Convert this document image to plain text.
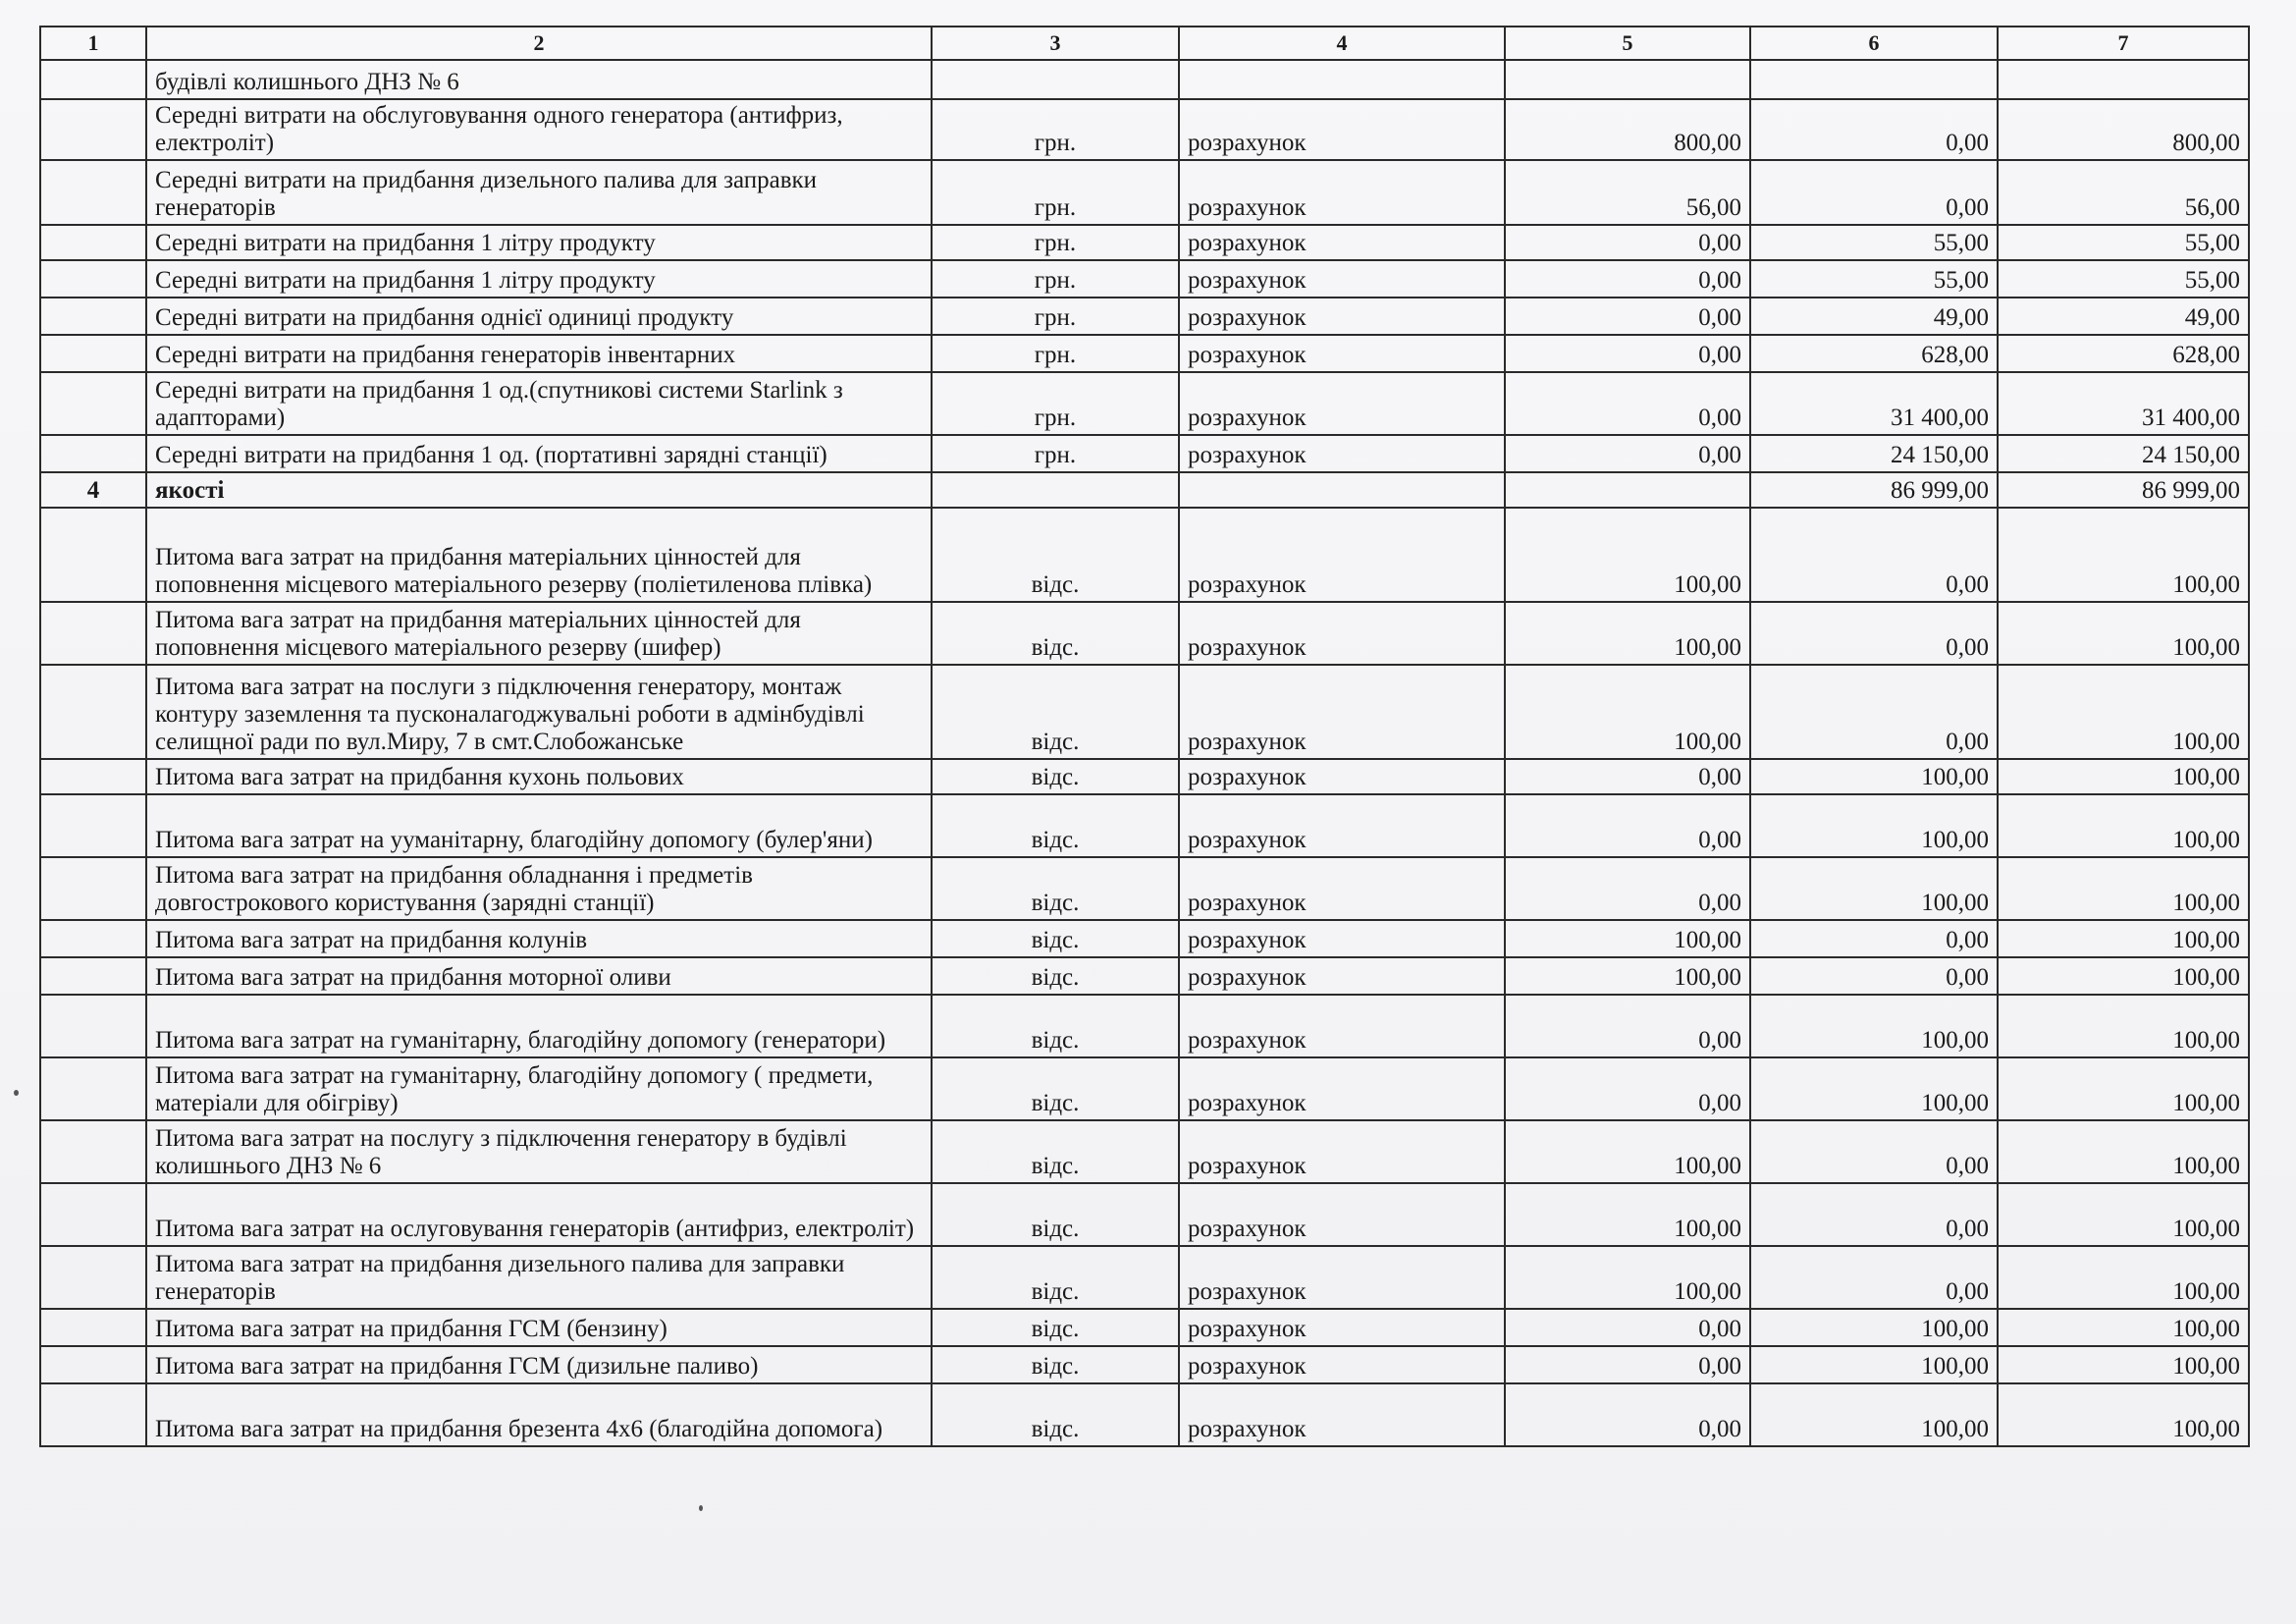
1	2	3	4	5	6	7
	будівлі колишнього ДНЗ № 6					
	Середні витрати на обслуговування одного генератора (антифриз, електроліт)	грн.	розрахунок	800,00	0,00	800,00
	Середні витрати на придбання дизельного палива для заправки генераторів	грн.	розрахунок	56,00	0,00	56,00
	Середні витрати на придбання 1 літру продукту	грн.	розрахунок	0,00	55,00	55,00
	Середні витрати на придбання 1 літру продукту	грн.	розрахунок	0,00	55,00	55,00
	Середні витрати на придбання однієї одиниці продукту	грн.	розрахунок	0,00	49,00	49,00
	Середні витрати на придбання генераторів інвентарних	грн.	розрахунок	0,00	628,00	628,00
	Середні витрати на придбання 1 од.(спутникові системи Starlink з адапторами)	грн.	розрахунок	0,00	31 400,00	31 400,00
	Середні витрати на придбання 1 од. (портативні зарядні станції)	грн.	розрахунок	0,00	24 150,00	24 150,00
4	якості				86 999,00	86 999,00
	Питома вага затрат на придбання матеріальних цінностей для поповнення місцевого матеріального резерву (поліетиленова плівка)	відс.	розрахунок	100,00	0,00	100,00
	Питома вага затрат на придбання матеріальних цінностей для поповнення місцевого матеріального резерву (шифер)	відс.	розрахунок	100,00	0,00	100,00
	Питома вага затрат на послуги з підключення генератору, монтаж контуру заземлення та пусконалагоджувальні роботи в адмінбудівлі селищної ради по вул.Миру, 7 в смт.Слобожанське	відс.	розрахунок	100,00	0,00	100,00
	Питома вага затрат на придбання кухонь польових	відс.	розрахунок	0,00	100,00	100,00
	Питома вага затрат на ууманітарну, благодійну допомогу (булер'яни)	відс.	розрахунок	0,00	100,00	100,00
	Питома вага затрат на придбання обладнання і предметів довгострокового користування (зарядні станції)	відс.	розрахунок	0,00	100,00	100,00
	Питома вага затрат на придбання колунів	відс.	розрахунок	100,00	0,00	100,00
	Питома вага затрат на придбання моторної оливи	відс.	розрахунок	100,00	0,00	100,00
	Питома вага затрат на гуманітарну, благодійну допомогу (генератори)	відс.	розрахунок	0,00	100,00	100,00
	Питома вага затрат на гуманітарну, благодійну допомогу ( предмети, матеріали для обігріву)	відс.	розрахунок	0,00	100,00	100,00
	Питома вага затрат на послугу з підключення генератору в будівлі колишнього ДНЗ № 6	відс.	розрахунок	100,00	0,00	100,00
	Питома вага затрат на ослуговування генераторів (антифриз, електроліт)	відс.	розрахунок	100,00	0,00	100,00
	Питома вага затрат на придбання дизельного палива для заправки генераторів	відс.	розрахунок	100,00	0,00	100,00
	Питома вага затрат на придбання ГСМ (бензину)	відс.	розрахунок	0,00	100,00	100,00
	Питома вага затрат на придбання ГСМ (дизильне паливо)	відс.	розрахунок	0,00	100,00	100,00
	Питома вага затрат на придбання брезента 4х6 (благодійна допомога)	відс.	розрахунок	0,00	100,00	100,00
